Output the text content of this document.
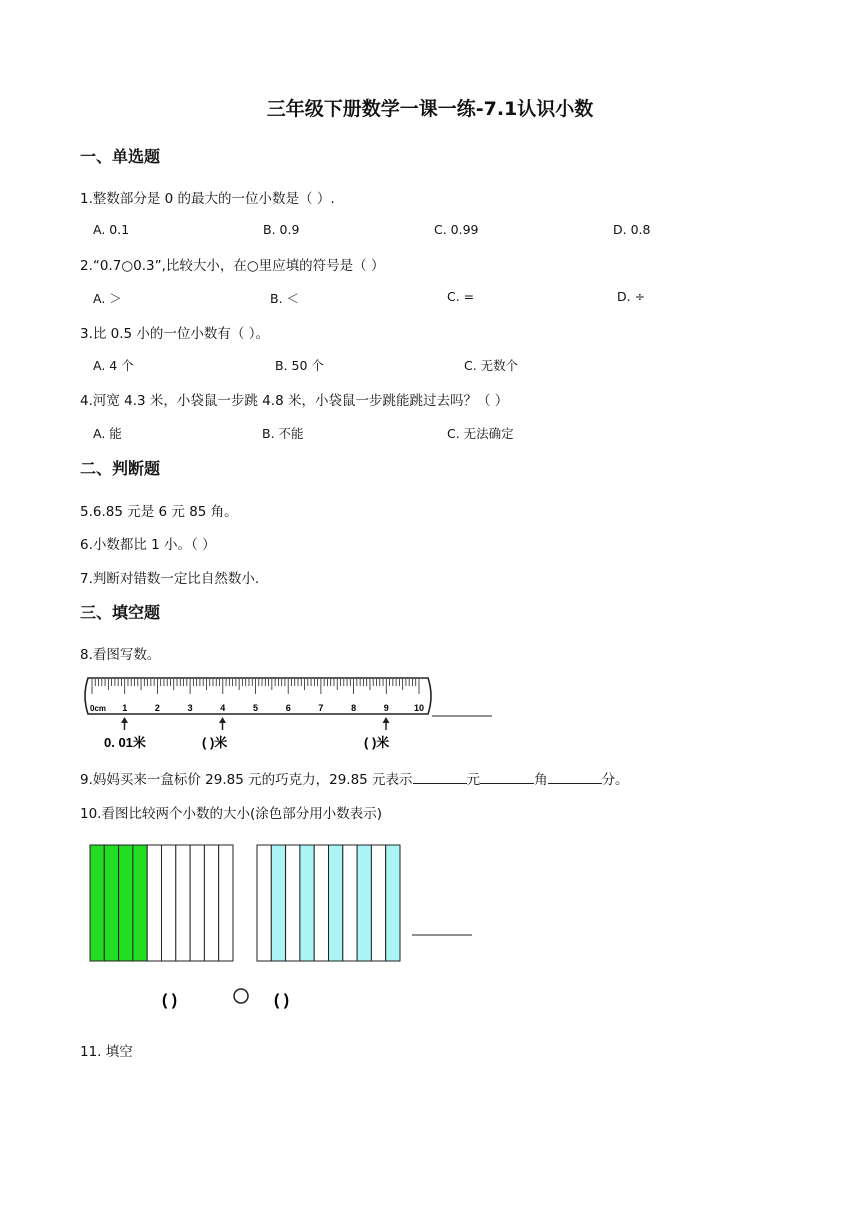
三年级下册数学一课一练-7.1认识小数
一、单选题
1.整数部分是 0 的最大的一位小数是（ ）.
A. 0.1	B. 0.9	C. 0.99	D. 0.8
2.“0.7○0.3”,比较大小，在○里应填的符号是（ ）
A. ＞	B. ＜	C. =	D. ÷
3.比 0.5 小的一位小数有（ ）。
A. 4 个	B. 50 个	C. 无数个
4.河宽 4.3 米，小袋鼠一步跳 4.8 米，小袋鼠一步跳能跳过去吗？（ ）
A. 能	B. 不能	C. 无法确定
二、判断题
5.6.85 元是 6 元 85 角。
6.小数都比 1 小。（ ）
7.判断对错数一定比自然数小.
三、填空题
8.看图写数。
0cm 1	2	3	4	5	6	7	8	9	10
0. 01米	( )米	( )米
9.妈妈买来一盒标价 29.85 元的巧克力，29.85 元表示	元	角	分。
10.看图比较两个小数的大小(涂色部分用小数表示)
( )	( )
11. 填空
